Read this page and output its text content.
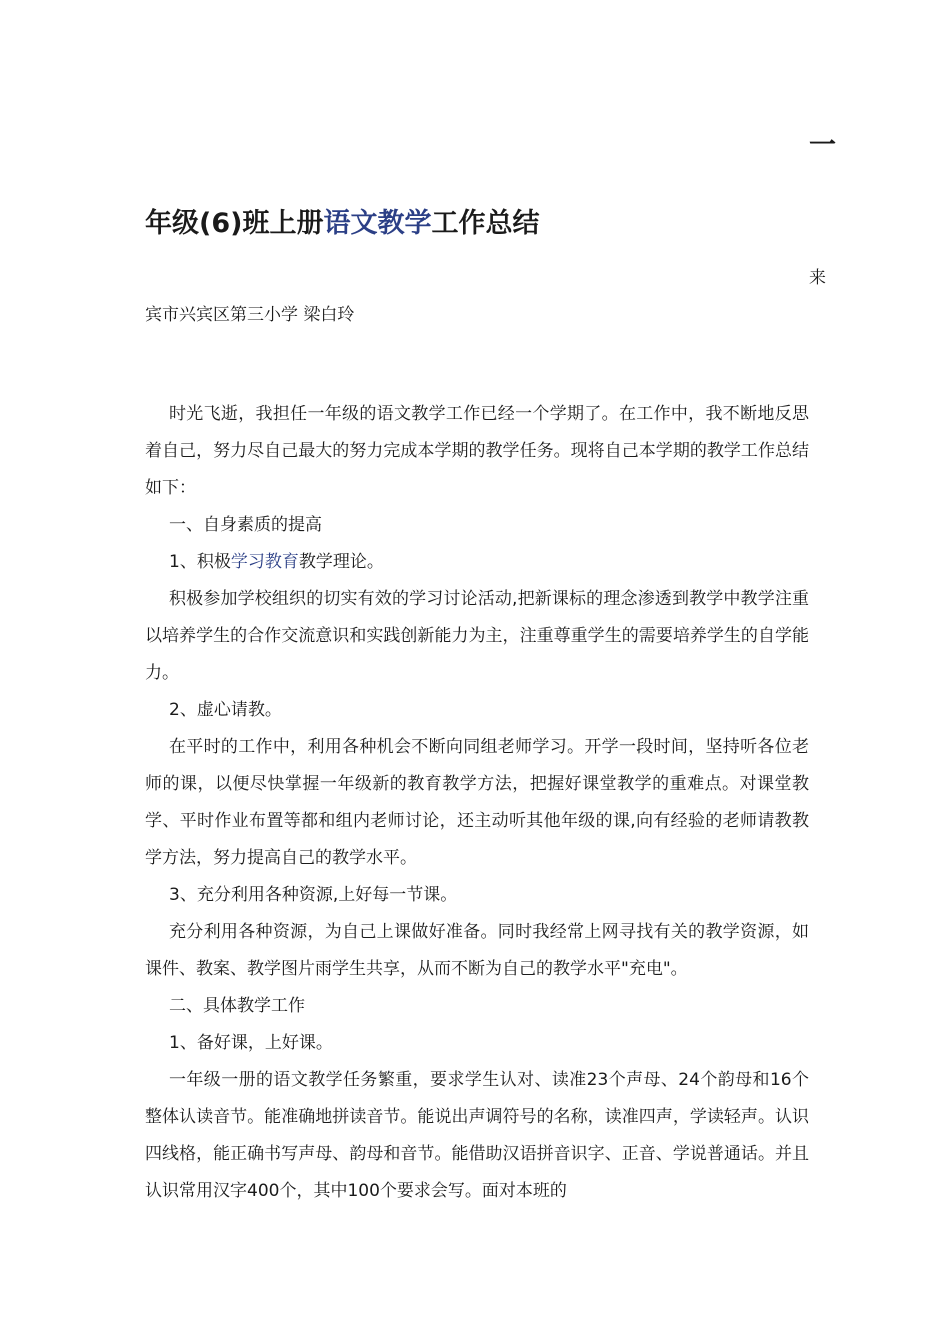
一
年级(6)班上册语文教学工作总结
来
宾市兴宾区第三小学 梁白玲

时光飞逝，我担任一年级的语文教学工作已经一个学期了。在工作中，我不断地反思着自己，努力尽自己最大的努力完成本学期的教学任务。现将自己本学期的教学工作总结如下：

一、自身素质的提高

1、积极学习教育教学理论。

积极参加学校组织的切实有效的学习讨论活动,把新课标的理念渗透到教学中教学注重以培养学生的合作交流意识和实践创新能力为主，注重尊重学生的需要培养学生的自学能力。

2、虚心请教。

在平时的工作中，利用各种机会不断向同组老师学习。开学一段时间，坚持听各位老师的课，以便尽快掌握一年级新的教育教学方法，把握好课堂教学的重难点。对课堂教学、平时作业布置等都和组内老师讨论，还主动听其他年级的课,向有经验的老师请教教学方法，努力提高自己的教学水平。

3、充分利用各种资源,上好每一节课。

充分利用各种资源，为自己上课做好准备。同时我经常上网寻找有关的教学资源，如课件、教案、教学图片雨学生共享，从而不断为自己的教学水平"充电"。

二、具体教学工作

1、备好课，上好课。

一年级一册的语文教学任务繁重，要求学生认对、读准23个声母、24个韵母和16个整体认读音节。能准确地拼读音节。能说出声调符号的名称，读准四声，学读轻声。认识四线格，能正确书写声母、韵母和音节。能借助汉语拼音识字、正音、学说普通话。并且认识常用汉字400个，其中100个要求会写。面对本班的
